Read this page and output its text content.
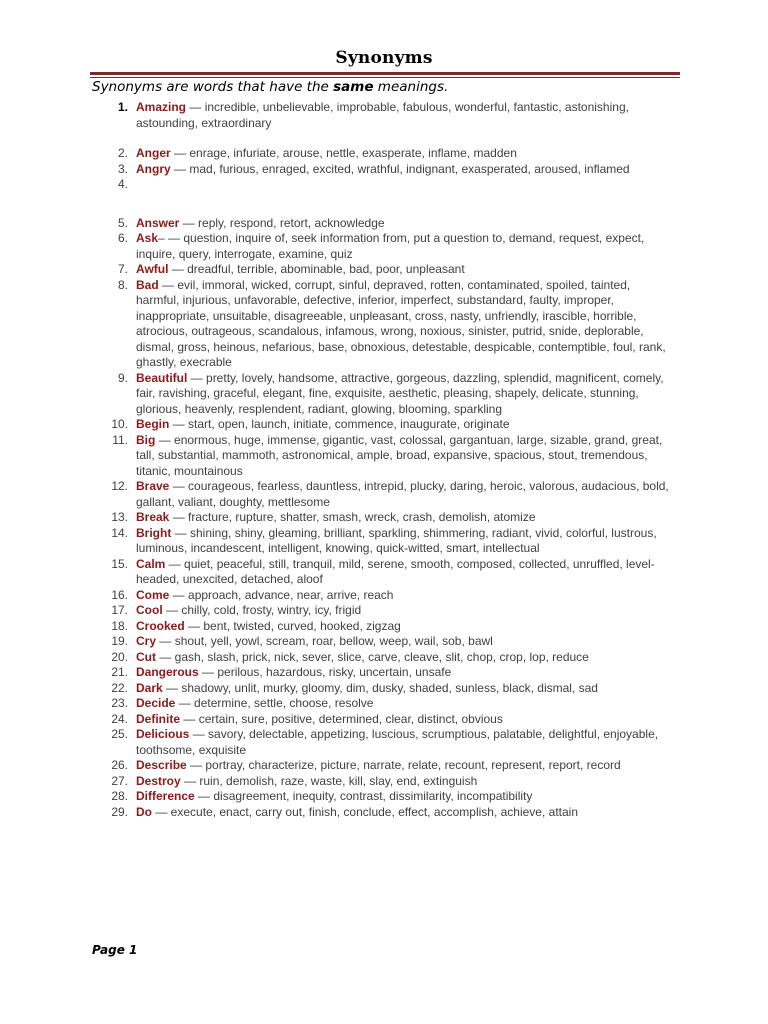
Synonyms
Synonyms are words that have the same meanings.
1. Amazing — incredible, unbelievable, improbable, fabulous, wonderful, fantastic, astonishing, astounding, extraordinary
2. Anger — enrage, infuriate, arouse, nettle, exasperate, inflame, madden
3. Angry — mad, furious, enraged, excited, wrathful, indignant, exasperated, aroused, inflamed
4.
5. Answer — reply, respond, retort, acknowledge
6. Ask– — question, inquire of, seek information from, put a question to, demand, request, expect, inquire, query, interrogate, examine, quiz
7. Awful — dreadful, terrible, abominable, bad, poor, unpleasant
8. Bad — evil, immoral, wicked, corrupt, sinful, depraved, rotten, contaminated, spoiled, tainted, harmful, injurious, unfavorable, defective, inferior, imperfect, substandard, faulty, improper, inappropriate, unsuitable, disagreeable, unpleasant, cross, nasty, unfriendly, irascible, horrible, atrocious, outrageous, scandalous, infamous, wrong, noxious, sinister, putrid, snide, deplorable, dismal, gross, heinous, nefarious, base, obnoxious, detestable, despicable, contemptible, foul, rank, ghastly, execrable
9. Beautiful — pretty, lovely, handsome, attractive, gorgeous, dazzling, splendid, magnificent, comely, fair, ravishing, graceful, elegant, fine, exquisite, aesthetic, pleasing, shapely, delicate, stunning, glorious, heavenly, resplendent, radiant, glowing, blooming, sparkling
10. Begin — start, open, launch, initiate, commence, inaugurate, originate
11. Big — enormous, huge, immense, gigantic, vast, colossal, gargantuan, large, sizable, grand, great, tall, substantial, mammoth, astronomical, ample, broad, expansive, spacious, stout, tremendous, titanic, mountainous
12. Brave — courageous, fearless, dauntless, intrepid, plucky, daring, heroic, valorous, audacious, bold, gallant, valiant, doughty, mettlesome
13. Break — fracture, rupture, shatter, smash, wreck, crash, demolish, atomize
14. Bright — shining, shiny, gleaming, brilliant, sparkling, shimmering, radiant, vivid, colorful, lustrous, luminous, incandescent, intelligent, knowing, quick-witted, smart, intellectual
15. Calm — quiet, peaceful, still, tranquil, mild, serene, smooth, composed, collected, unruffled, level-headed, unexcited, detached, aloof
16. Come — approach, advance, near, arrive, reach
17. Cool — chilly, cold, frosty, wintry, icy, frigid
18. Crooked — bent, twisted, curved, hooked, zigzag
19. Cry — shout, yell, yowl, scream, roar, bellow, weep, wail, sob, bawl
20. Cut — gash, slash, prick, nick, sever, slice, carve, cleave, slit, chop, crop, lop, reduce
21. Dangerous — perilous, hazardous, risky, uncertain, unsafe
22. Dark — shadowy, unlit, murky, gloomy, dim, dusky, shaded, sunless, black, dismal, sad
23. Decide — determine, settle, choose, resolve
24. Definite — certain, sure, positive, determined, clear, distinct, obvious
25. Delicious — savory, delectable, appetizing, luscious, scrumptious, palatable, delightful, enjoyable, toothsome, exquisite
26. Describe — portray, characterize, picture, narrate, relate, recount, represent, report, record
27. Destroy — ruin, demolish, raze, waste, kill, slay, end, extinguish
28. Difference — disagreement, inequity, contrast, dissimilarity, incompatibility
29. Do — execute, enact, carry out, finish, conclude, effect, accomplish, achieve, attain
Page 1
